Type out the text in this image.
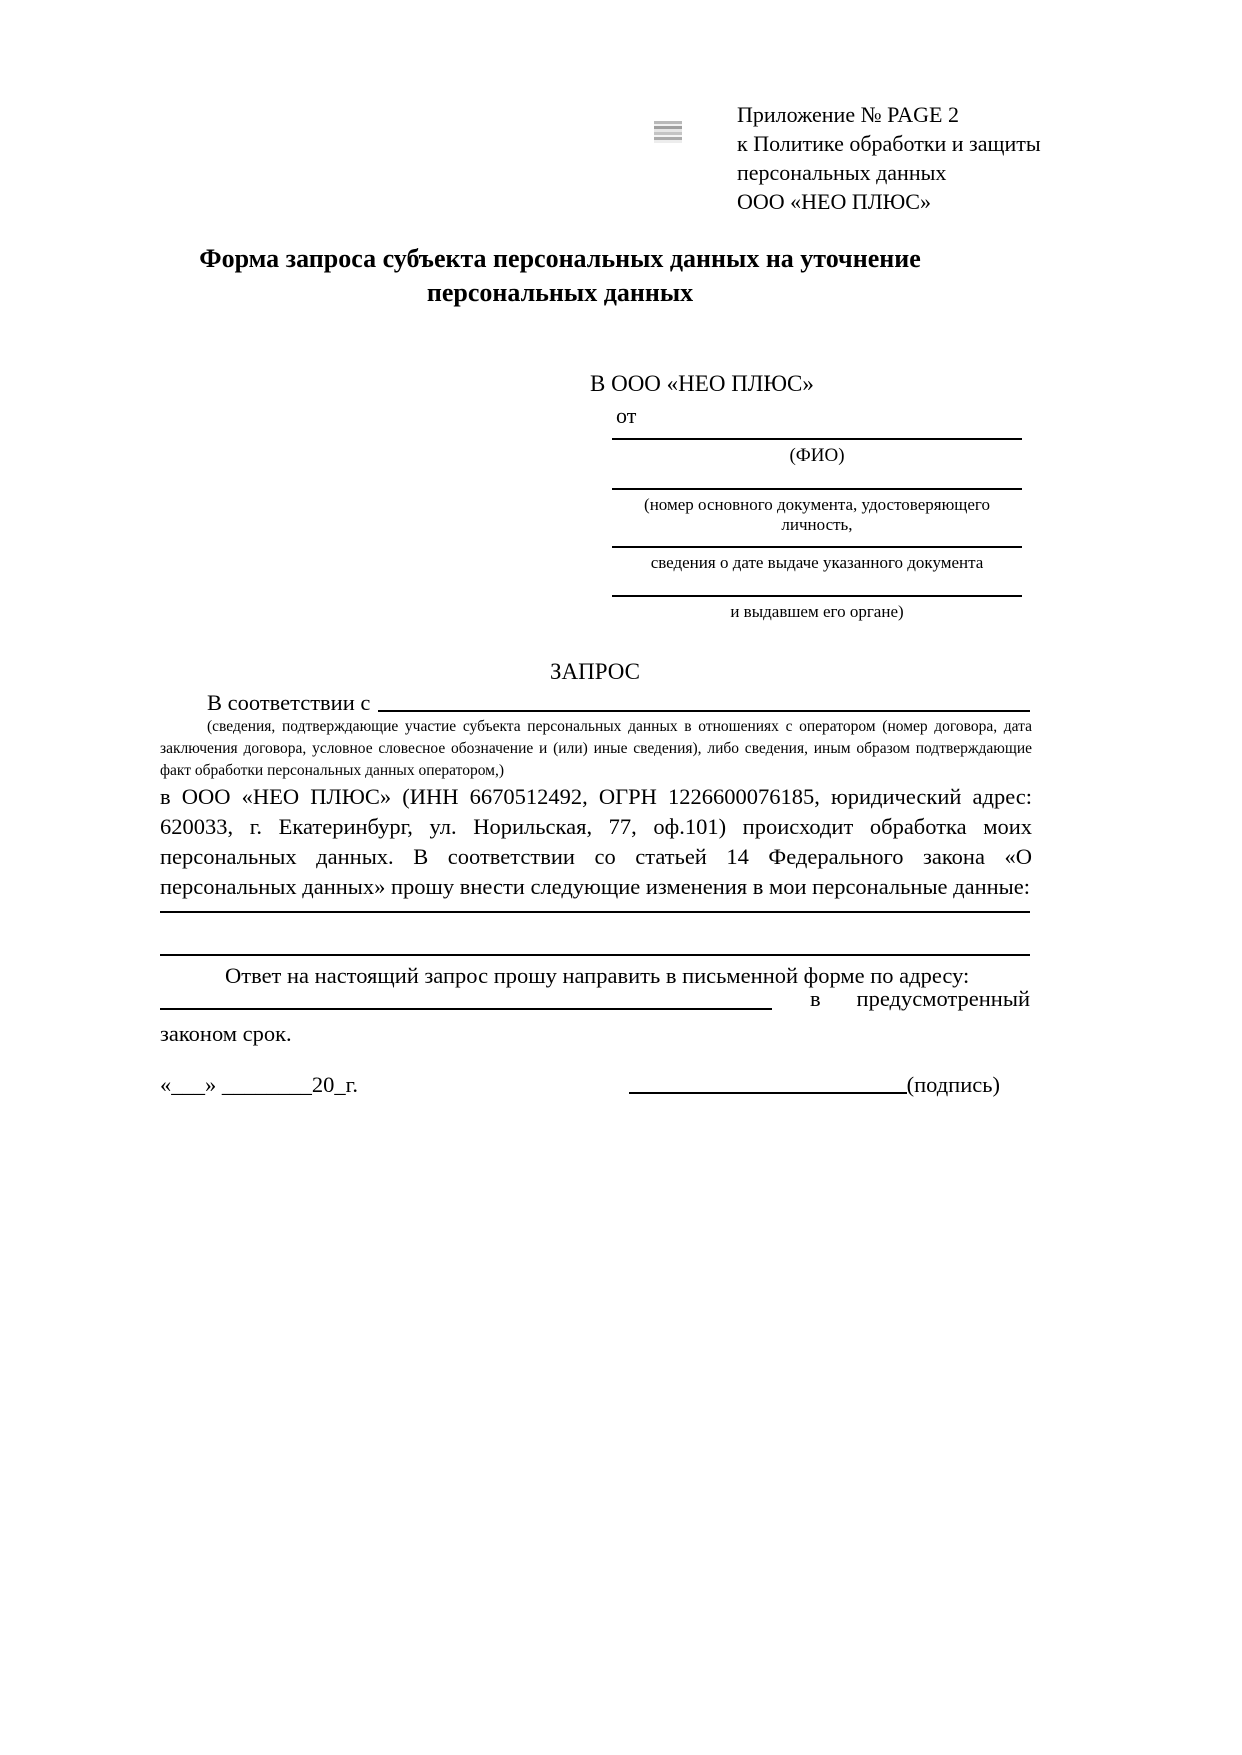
Приложение № PAGE 2
к Политике обработки и защиты
персональных данных
ООО «НЕО ПЛЮС»
Форма запроса субъекта персональных данных на уточнение
персональных данных
В ООО «НЕО ПЛЮС»
от
(ФИО)
(номер основного документа, удостоверяющего личность,
сведения о дате выдаче указанного документа
и выдавшем его органе)
ЗАПРОС
В соответствии с
(сведения, подтверждающие участие субъекта персональных данных в отношениях с оператором (номер договора, дата заключения договора, условное словесное обозначение и (или) иные сведения), либо сведения, иным образом подтверждающие факт обработки персональных данных оператором,)
в ООО «НЕО ПЛЮС» (ИНН 6670512492, ОГРН 1226600076185, юридический адрес: 620033, г. Екатеринбург, ул. Норильская, 77, оф.101) происходит обработка моих персональных данных. В соответствии со статьей 14 Федерального закона «О персональных данных» прошу внести следующие изменения в мои персональные данные:
Ответ на настоящий запрос прошу направить в письменной форме по адресу:
в предусмотренный
законом срок.
«___» ________20_г.	(подпись)
